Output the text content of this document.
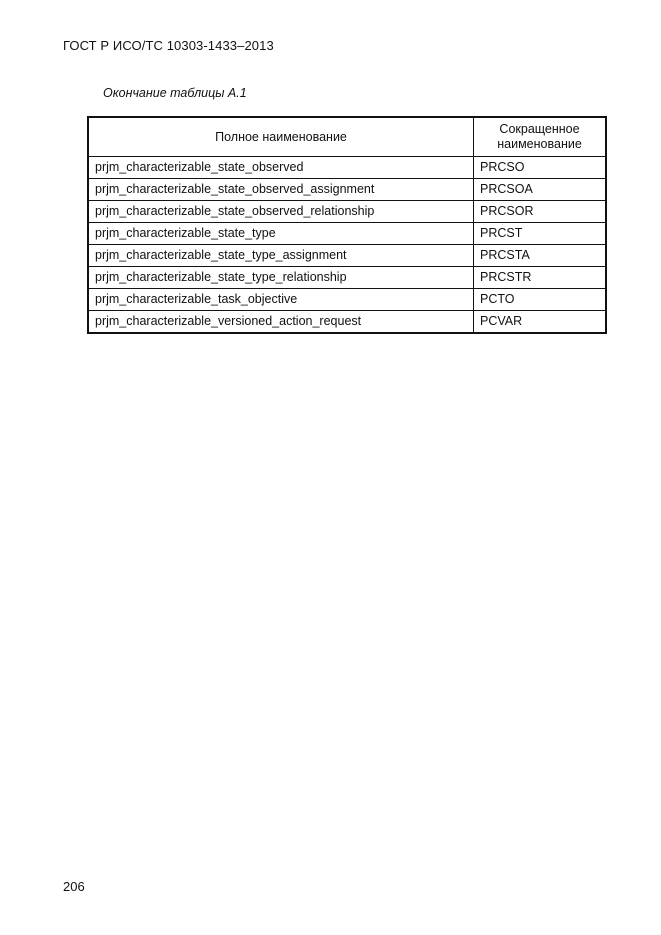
ГОСТ Р ИСО/ТС 10303-1433–2013
Окончание таблицы А.1
Полное наименование	Сокращенное наименование
prjm_characterizable_state_observed	PRCSO
prjm_characterizable_state_observed_assignment	PRCSOA
prjm_characterizable_state_observed_relationship	PRCSOR
prjm_characterizable_state_type	PRCST
prjm_characterizable_state_type_assignment	PRCSTA
prjm_characterizable_state_type_relationship	PRCSTR
prjm_characterizable_task_objective	PCTO
prjm_characterizable_versioned_action_request	PCVAR
206
